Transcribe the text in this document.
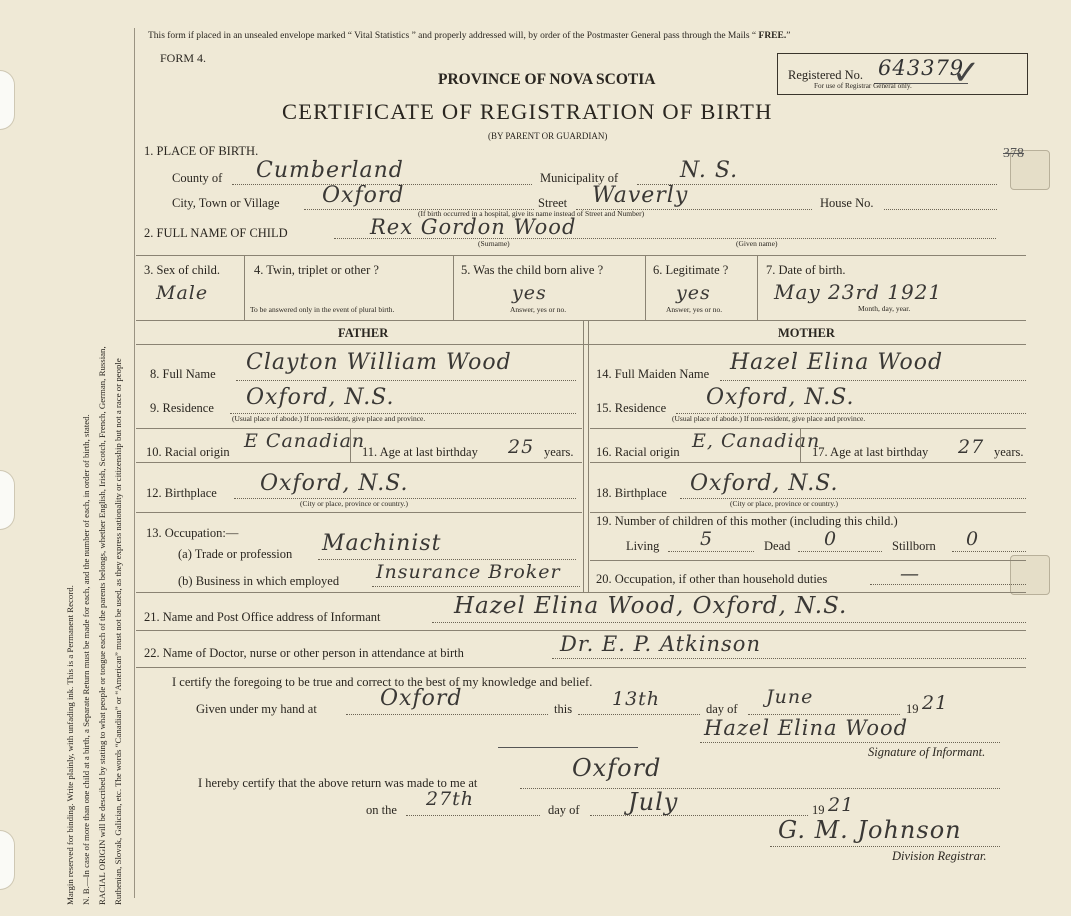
Margin reserved for binding. Write plainly, with unfading ink. This is a Permanent Record. N. B.—In case of more than one child at a birth, a Separate Return must be made for each, and the number of each, in order of birth, stated. RACIAL ORIGIN will be described by stating to what people or tongue each of the parents belongs, whether English, Irish, Scotch, French, German, Russian, Ruthenian, Slovak, Galician, etc. The words “Canadian” or “American” must not be used, as they express nationality or citizenship but not a race or people
This form if placed in an unsealed envelope marked “ Vital Statistics ” and properly addressed will, by order of the Postmaster General pass through the Mails “ FREE.”
FORM 4.
PROVINCE OF NOVA SCOTIA
CERTIFICATE OF REGISTRATION OF BIRTH
(BY PARENT OR GUARDIAN)
Registered No. 643379
For use of Registrar General only. ✓
378
1. PLACE OF BIRTH.
County of Cumberland	Municipality of	N. S.
City, Town or Village Oxford	Street Waverly	House No.
(If birth occurred in a hospital, give its name instead of Street and Number)
2. FULL NAME OF CHILD	Rex Gordon Wood
(Surname)	(Given name)
3. Sex of child.
Male
4. Twin, triplet or other ?
To be answered only in the event of plural birth.
5. Was the child born alive ?
yes
Answer, yes or no.
6. Legitimate ?
yes
Answer, yes or no.
7. Date of birth.
May 23rd 1921
Month, day, year.
FATHER	MOTHER
8. Full Name Clayton William Wood
9. Residence Oxford, N.S.
(Usual place of abode.) If non-resident, give place and province.
10. Racial origin E Canadian
11. Age at last birthday 25 years.
12. Birthplace Oxford, N.S.
(City or place, province or country.)
13. Occupation:—
(a) Trade or profession Machinist
(b) Business in which employed Insurance Broker
14. Full Maiden Name Hazel Elina Wood
15. Residence Oxford, N.S.
(Usual place of abode.) If non-resident, give place and province.
16. Racial origin E, Canadian
17. Age at last birthday 27 years.
18. Birthplace Oxford, N.S.
(City or place, province or country.)
19. Number of children of this mother (including this child.)
Living 5	Dead 0	Stillborn 0
20. Occupation, if other than household duties	—
21. Name and Post Office address of Informant	Hazel Elina Wood, Oxford, N.S.
22. Name of Doctor, nurse or other person in attendance at birth	Dr. E. P. Atkinson
I certify the foregoing to be true and correct to the best of my knowledge and belief.
Given under my hand at	Oxford	this 13th	day of
June
19 21
Hazel Elina Wood
Signature of Informant.
I hereby certify that the above return was made to me at
Oxford
on the 27th	day of July	19 21
G. M. Johnson
Division Registrar.
